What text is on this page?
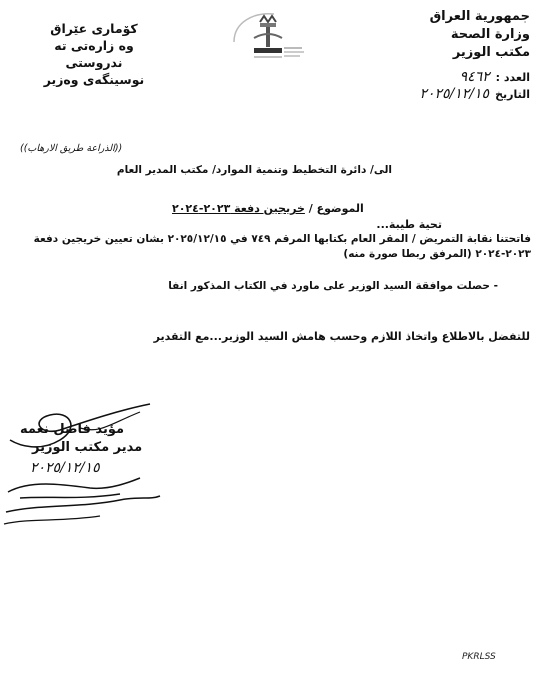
جمهورية العراق
وزارة الصحة
مكتب الوزير
كۆماری عێراق
وه زارەتی تە ندروستی
نوسینگەی وەزیر	العدد :
٩٤٦٢
التاريخ
٢٠٢٥/١٢/١٥
((الذراعة طريق الارهاب))
الى/ دائرة التخطيط وتنمية الموارد/ مكتب المدير العام
الموضوع / خريجين دفعة ٢٠٢٣-٢٠٢٤
تحية طيبة...
فاتحتنا نقابة التمريض / المقر العام بكتابها المرقم ٧٤٩ في ٢٠٢٥/١٢/١٥ بشان تعيين خريجين دفعة ٢٠٢٣-٢٠٢٤ (المرفق ربطا صورة منه)
- حصلت موافقة السيد الوزير على ماورد في الكتاب المذكور انفا
للتفضل بالاطلاع واتخاذ اللازم وحسب هامش السيد الوزير...مع التقدير
مؤيد فاضل نعمه
مدير مكتب الوزير
٢٠٢٥/١٢/١٥
PKRLSS
